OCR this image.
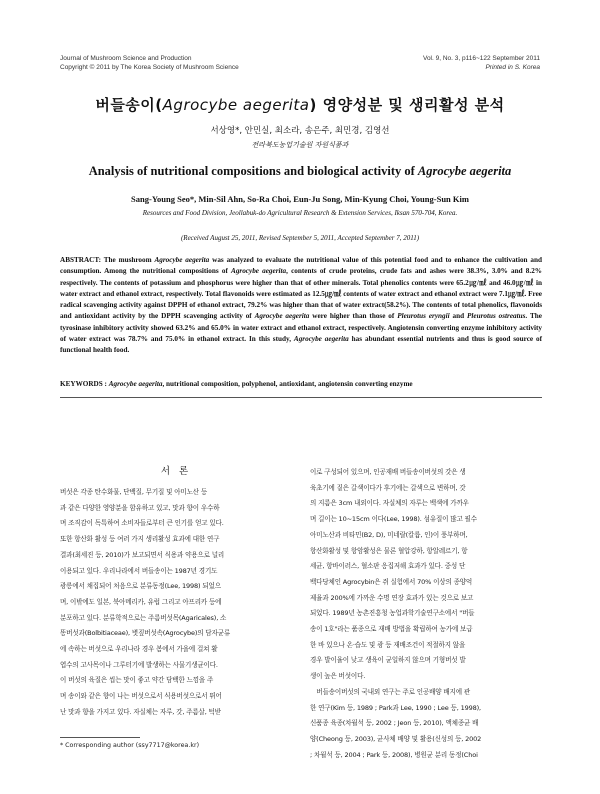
Journal of Mushroom Science and Production
Copyright © 2011 by The Korea Society of Mushroom Science
Vol. 9, No. 3, p116~122 September 2011
Printed in S. Korea
버들송이(Agrocybe aegerita) 영양성분 및 생리활성 분석
서상영*, 안민실, 최소라, 송은주, 최민경, 김영선
전라북도농업기술원 자원식품과
Analysis of nutritional compositions and biological activity of Agrocybe aegerita
Sang-Young Seo*, Min-Sil Ahn, So-Ra Choi, Eun-Ju Song, Min-Kyung Choi, Young-Sun Kim
Resources and Food Division, Jeollabuk-do Agricultural Research & Extension Services, Iksan 570-704, Korea.
(Received August 25, 2011, Revised September 5, 2011, Accepted September 7, 2011)

ABSTRACT: The mushroom Agrocybe aegerita was analyzed to evaluate the nutritional value of this potential food and to enhance the cultivation and consumption. Among the nutritional compositions of Agrocybe aegerita, contents of crude proteins, crude fats and ashes were 38.3%, 3.0% and 8.2% respectively. The contents of potassium and phosphorus were higher than that of other minerals. Total phenolics contents were 65.2㎍/㎖ and 46.0㎍/㎖ in water extract and ethanol extract, respectively. Total flavonoids were estimated as 12.5㎍/㎖ contents of water extract and ethanol extract were 7.1㎍/㎖. Free radical scavenging activity against DPPH of ethanol extract, 79.2% was higher than that of water extract(58.2%). The contents of total phenolics, flavonoids and antioxidant activity by the DPPH scavenging activity of Agrocybe aegerita were higher than those of Pleurotus eryngii and Pleurotus ostreatus. The tyrosinase inhibitory activity showed 63.2% and 65.0% in water extract and ethanol extract, respectively. Angiotensin converting enzyme inhibitory activity of water extract was 78.7% and 75.0% in ethanol extract. In this study, Agrocybe aegerita has abundant essential nutrients and thus is good source of functional health food.

KEYWORDS : Agrocybe aegerita, nutritional composition, polyphenol, antioxidant, angiotensin converting enzyme

서 론
버섯은 각종 탄수화물, 단백질, 무기질 및 아미노산 등
과 같은 다양한 영양분을 함유하고 있고, 맛과 향이 우수하
며 조직감이 독특하여 소비자들로부터 큰 인기를 얻고 있다.
또한 항산화 활성 등 여러 가지 생리활성 효과에 대한 연구
결과(최세진 등, 2010)가 보고되면서 식용과 약용으로 널리
이용되고 있다. 우리나라에서 버들송이는 1987년 경기도
광릉에서 채집되어 처음으로 분류동정(Lee, 1998) 되었으
며, 이밖에도 일본, 북아메리카, 유럽 그리고 아프리카 등에
분포하고 있다. 분류학적으로는 주름버섯목(Agaricales), 소
똥버섯과(Bolbitiaceae), 볏짚버섯속(Agrocybe)의 담자균류
에 속하는 버섯으로 우리나라 경우 봄에서 가을에 걸쳐 활
엽수의 고사목이나 그루터기에 발생하는 사물기생균이다.
이 버섯의 육질은 씹는 맛이 좋고 약간 담백한 느낌을 주
며 송이와 같은 향이 나는 버섯으로서 식용버섯으로서 뛰어
난 맛과 향을 가지고 있다. 자실체는 자루, 갓, 주름살, 턱받
이로 구성되어 있으며, 인공재배 버들송이버섯의 갓은 생
육초기에 짙은 갈색이다가 후기에는 갈색으로 변하며, 갓
의 지름은 3cm 내외이다. 자실체의 자루는 백색에 가까우
며 길이는 10~15cm 이다(Lee, 1998). 섬유질이 많고 필수
아미노산과 비타민(B2, D), 미네랄(칼륨, 인)이 풍부하며,
항산화활성 및 항암활성은 물론 혈압강하, 항알레르기, 항
세균, 항바이러스, 혈소판 응집저해 효과가 있다. 중성 단
백다당체인 Agrocybin은 쥐 실험에서 70% 이상의 종양억
제율과 200%에 가까운 수명 연장 효과가 있는 것으로 보고
되었다. 1989년 농촌진흥청 농업과학기술연구소에서 "버들
송이 1호"라는 품종으로 재배 방법을 확립하여 농가에 보급
한 바 있으나 온·습도 및 광 등 재배조건이 적절하지 않을
경우 발이율이 낮고 생육이 균일하지 않으며 기형버섯 발
생이 높은 버섯이다.
　버들송이버섯의 국내외 연구는 주로 인공배양 배지에 관
한 연구(Kim 등, 1989 ; Park과 Lee, 1990 ; Lee 등, 1998),
신품종 육종(차월석 등, 2002 ; Jeon 등, 2010), 액체종균 배
양(Cheong 등, 2003), 균사체 배양 및 활용(신성의 등, 2002
; 차월석 등, 2004 ; Park 등, 2008), 병원균 분리 동정(Choi
* Corresponding author (ssy7717@korea.kr)
